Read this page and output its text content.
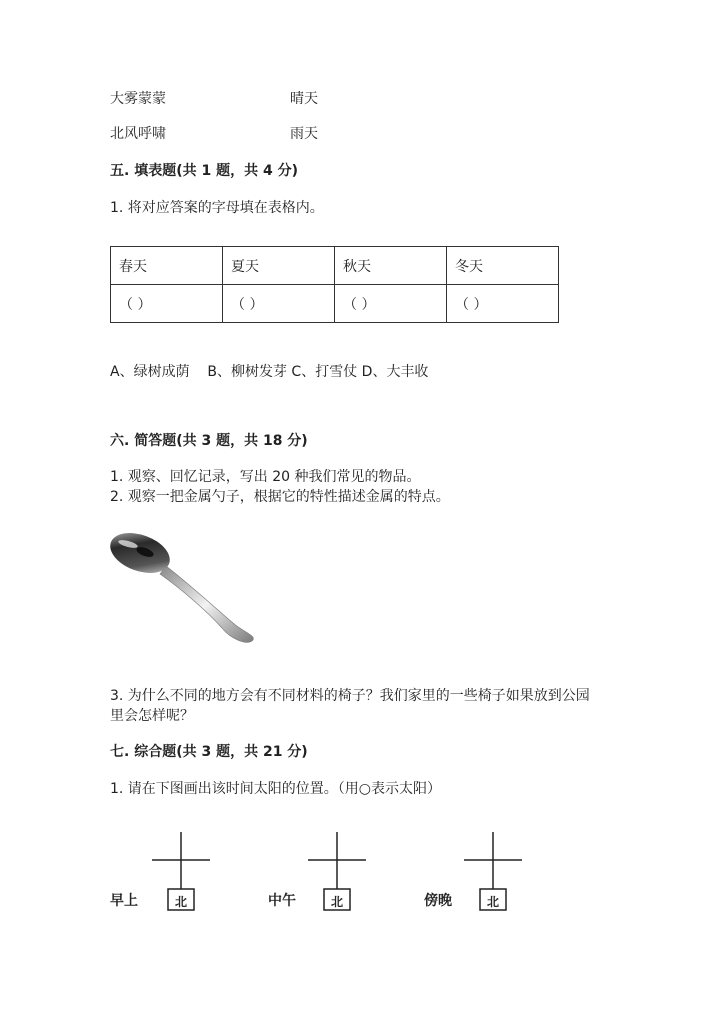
大雾蒙蒙	晴天
北风呼啸	雨天
五. 填表题(共 1 题，共 4 分)
1. 将对应答案的字母填在表格内。
春天	夏天	秋天	冬天
（ ）	（ ）	（ ）	（ ）
A、绿树成荫    B、柳树发芽 C、打雪仗 D、大丰收
六. 简答题(共 3 题，共 18 分)
1. 观察、回忆记录，写出 20 种我们常见的物品。
2. 观察一把金属勺子，根据它的特性描述金属的特点。
3. 为什么不同的地方会有不同材料的椅子？我们家里的一些椅子如果放到公园
里会怎样呢？
七. 综合题(共 3 题，共 21 分)
1. 请在下图画出该时间太阳的位置。（用○表示太阳）
早上	北	中午	北	傍晚	北
